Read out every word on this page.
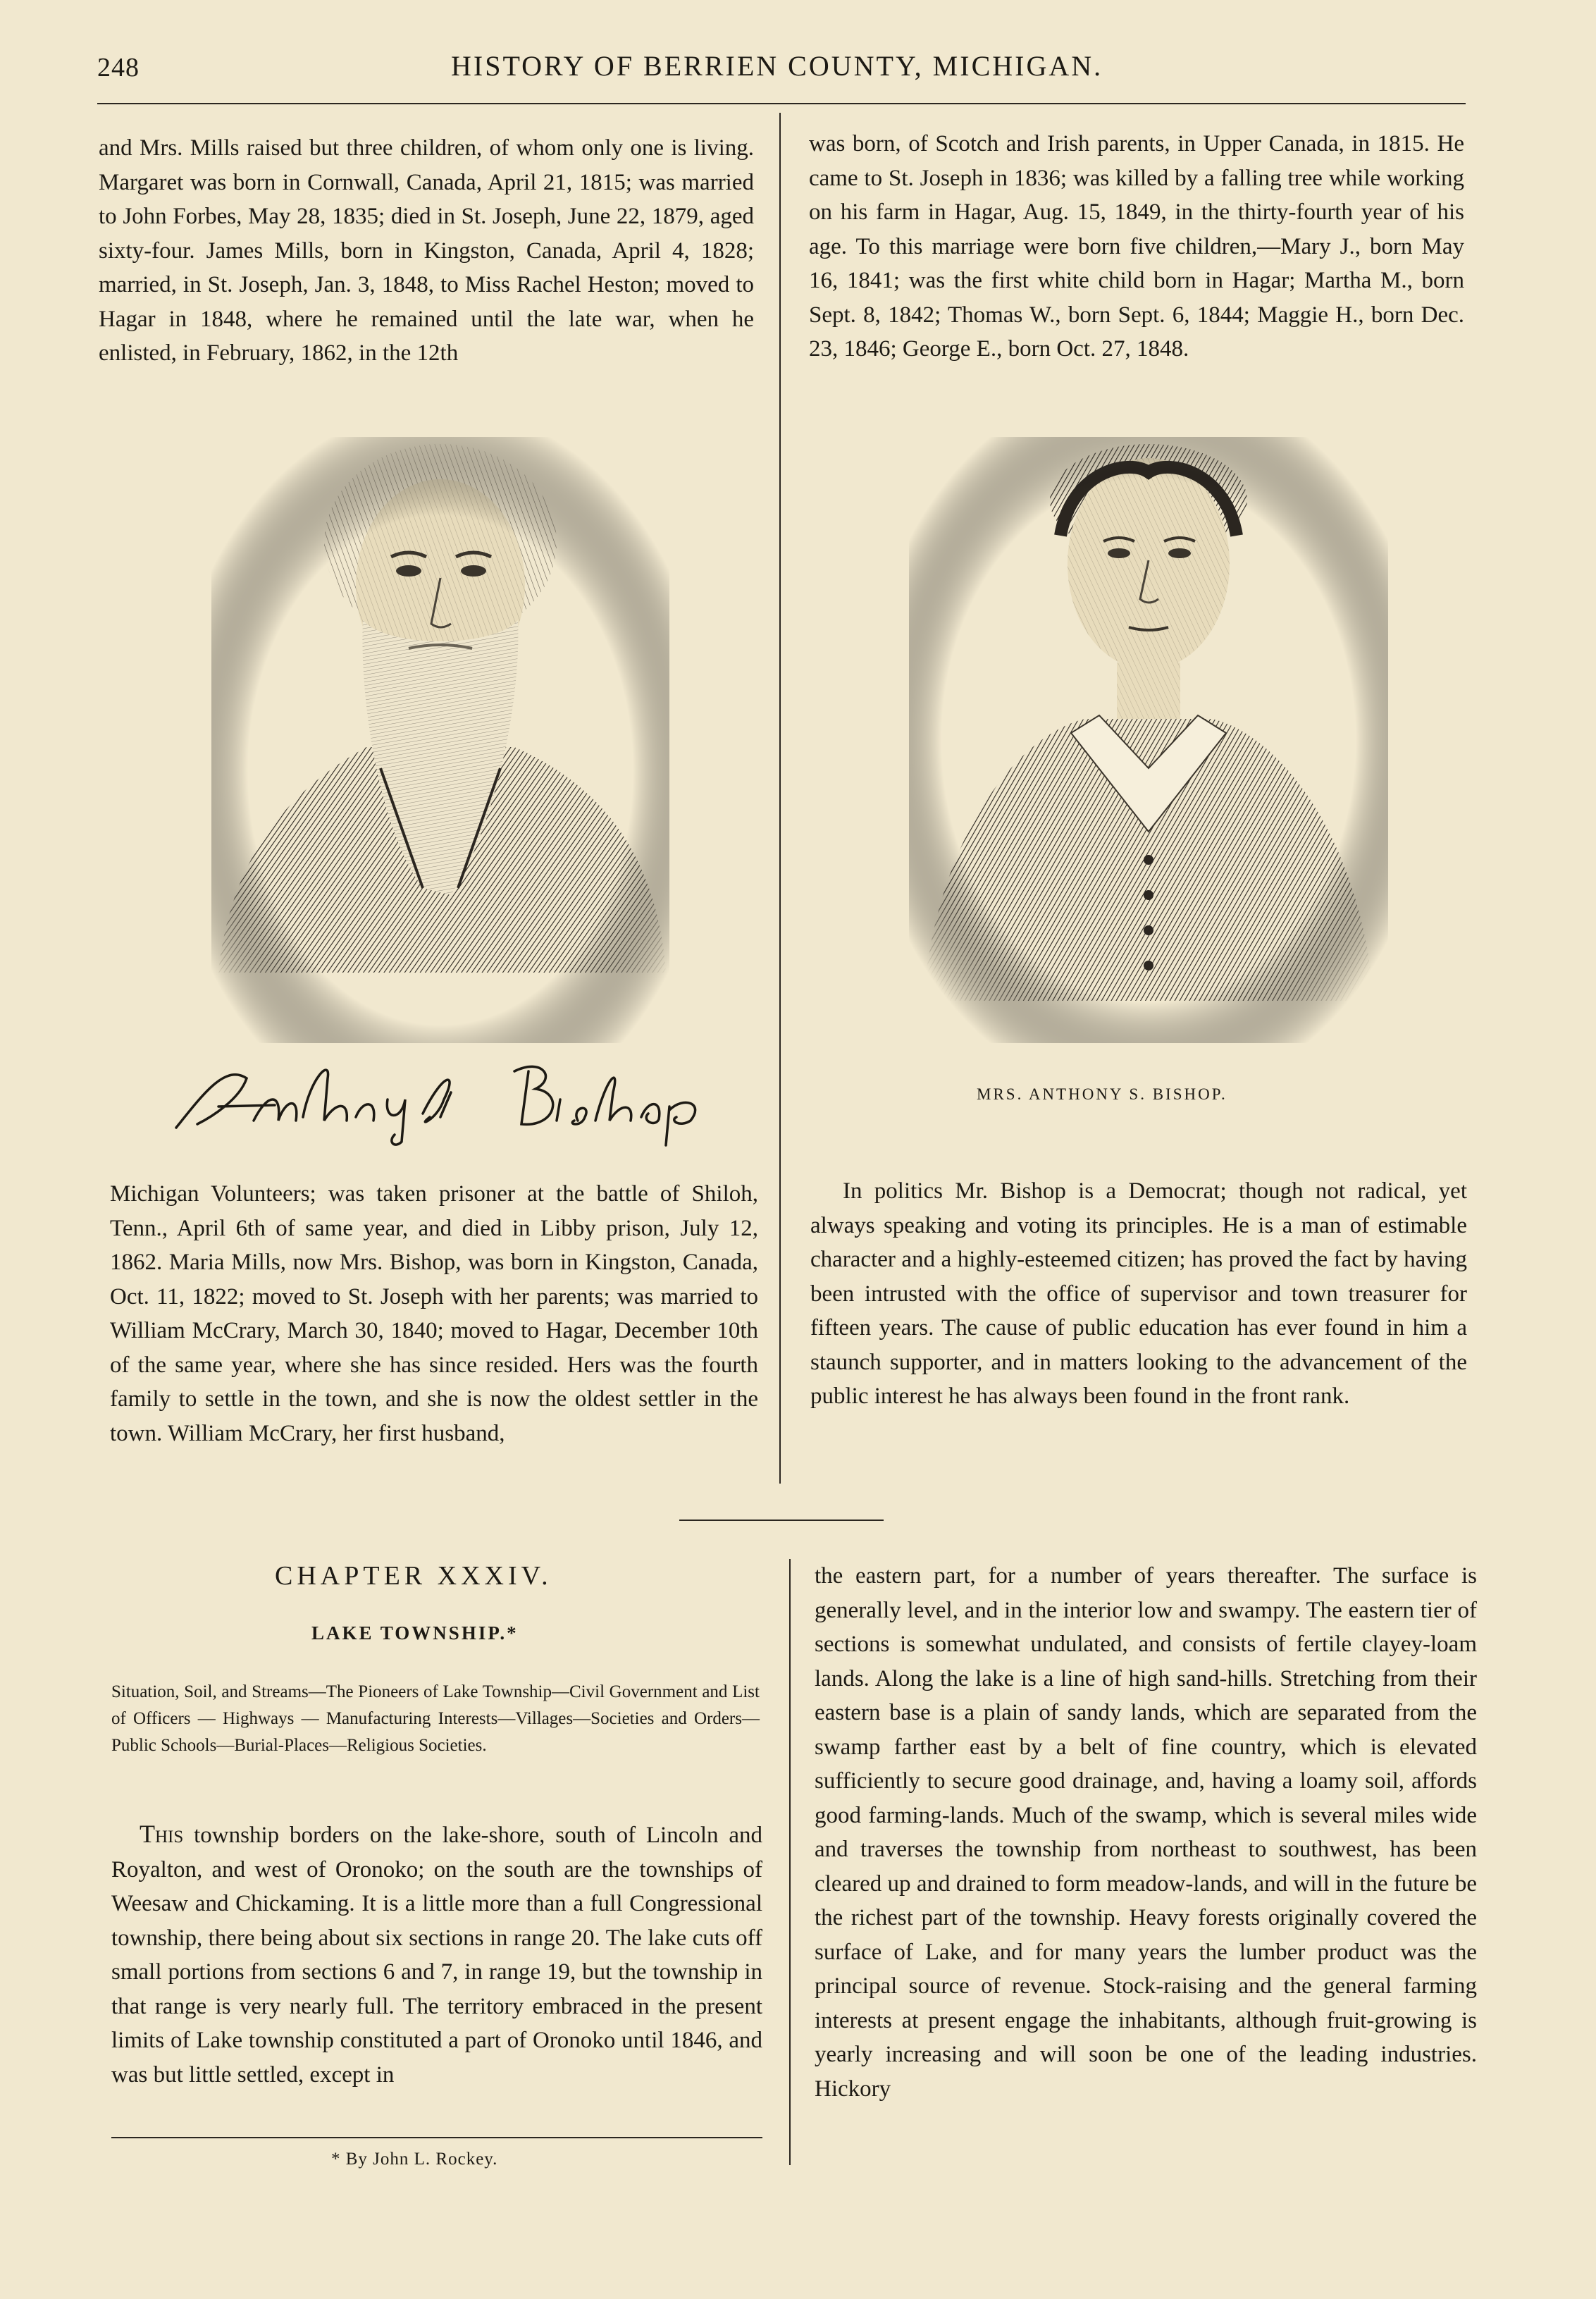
248	HISTORY OF BERRIEN COUNTY, MICHIGAN.

and Mrs. Mills raised but three children, of whom only one is living. Margaret was born in Cornwall, Canada, April 21, 1815; was married to John Forbes, May 28, 1835; died in St. Joseph, June 22, 1879, aged sixty-four. James Mills, born in Kingston, Canada, April 4, 1828; married, in St. Joseph, Jan. 3, 1848, to Miss Rachel Heston; moved to Hagar in 1848, where he remained until the late war, when he enlisted, in February, 1862, in the 12th

was born, of Scotch and Irish parents, in Upper Canada, in 1815. He came to St. Joseph in 1836; was killed by a falling tree while working on his farm in Hagar, Aug. 15, 1849, in the thirty-fourth year of his age. To this marriage were born five children,—Mary J., born May 16, 1841; was the first white child born in Hagar; Martha M., born Sept. 8, 1842; Thomas W., born Sept. 6, 1844; Maggie H., born Dec. 23, 1846; George E., born Oct. 27, 1848.

MRS. ANTHONY S. BISHOP.

Michigan Volunteers; was taken prisoner at the battle of Shiloh, Tenn., April 6th of same year, and died in Libby prison, July 12, 1862. Maria Mills, now Mrs. Bishop, was born in Kingston, Canada, Oct. 11, 1822; moved to St. Joseph with her parents; was married to William McCrary, March 30, 1840; moved to Hagar, December 10th of the same year, where she has since resided. Hers was the fourth family to settle in the town, and she is now the oldest settler in the town. William McCrary, her first husband,

In politics Mr. Bishop is a Democrat; though not radical, yet always speaking and voting its principles. He is a man of estimable character and a highly-esteemed citizen; has proved the fact by having been intrusted with the office of supervisor and town treasurer for fifteen years. The cause of public education has ever found in him a staunch supporter, and in matters looking to the advancement of the public interest he has always been found in the front rank.

CHAPTER XXXIV.
LAKE TOWNSHIP.*
Situation, Soil, and Streams—The Pioneers of Lake Township—Civil Government and List of Officers — Highways — Manufacturing Interests—Villages—Societies and Orders—Public Schools—Burial-Places—Religious Societies.

This township borders on the lake-shore, south of Lincoln and Royalton, and west of Oronoko; on the south are the townships of Weesaw and Chickaming. It is a little more than a full Congressional township, there being about six sections in range 20. The lake cuts off small portions from sections 6 and 7, in range 19, but the township in that range is very nearly full. The territory embraced in the present limits of Lake township constituted a part of Oronoko until 1846, and was but little settled, except in

* By John L. Rockey.

the eastern part, for a number of years thereafter. The surface is generally level, and in the interior low and swampy. The eastern tier of sections is somewhat undulated, and consists of fertile clayey-loam lands. Along the lake is a line of high sand-hills. Stretching from their eastern base is a plain of sandy lands, which are separated from the swamp farther east by a belt of fine country, which is elevated sufficiently to secure good drainage, and, having a loamy soil, affords good farming-lands. Much of the swamp, which is several miles wide and traverses the township from northeast to southwest, has been cleared up and drained to form meadow-lands, and will in the future be the richest part of the township. Heavy forests originally covered the surface of Lake, and for many years the lumber product was the principal source of revenue. Stock-raising and the general farming interests at present engage the inhabitants, although fruit-growing is yearly increasing and will soon be one of the leading industries. Hickory
